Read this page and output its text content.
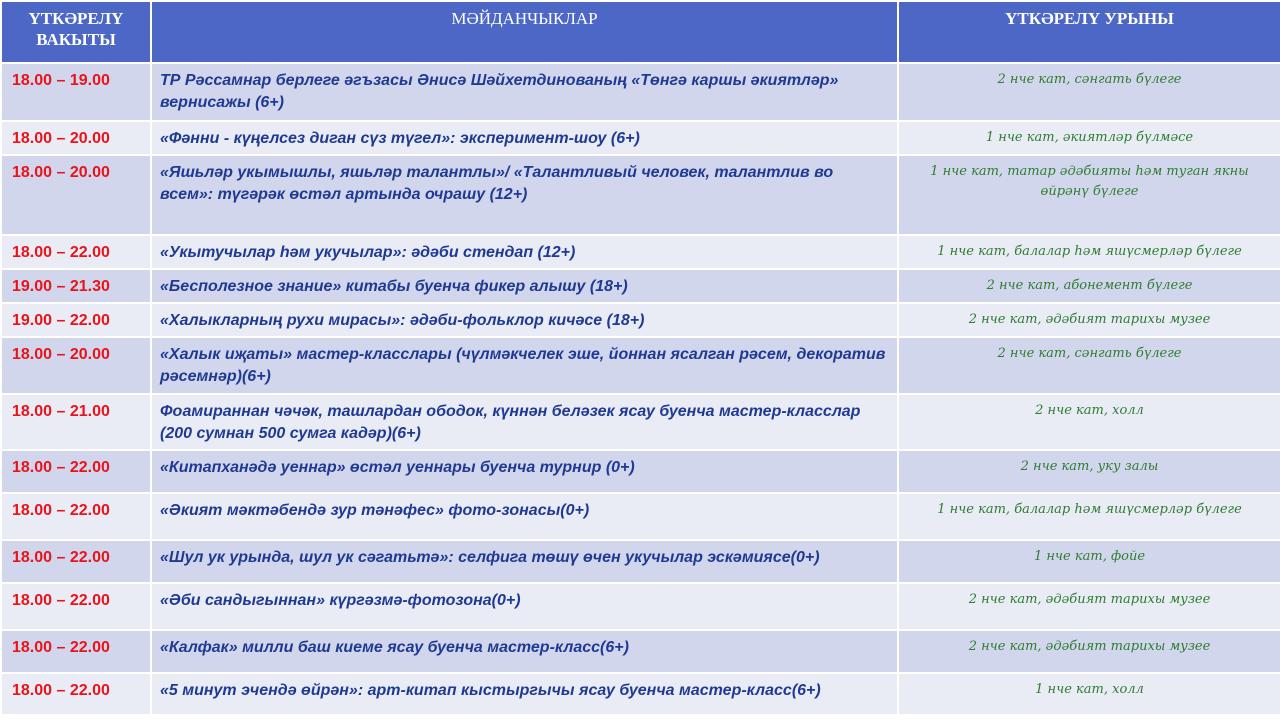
ҮТКӘРЕЛҮ ВАКЫТЫ	МӘЙДАНЧЫКЛАР	ҮТКӘРЕЛҮ УРЫНЫ
18.00 – 19.00	ТР Рәссамнар берлеге әгъзасы Әнисә Шәйхетдинованың «Төнгә каршы әкиятләр» вернисажы (6+)	2 нче кат, сәнгать бүлеге
18.00 – 20.00	«Фәнни - күңелсез диган сүз түгел»: эксперимент-шоу (6+)	1 нче кат, әкиятләр бүлмәсе
18.00 – 20.00	«Яшьләр укымышлы, яшьләр талантлы»/ «Талантливый человек, талантлив во всем»: түгәрәк өстәл артында очрашу (12+)	1 нче кат, татар әдәбияты һәм туган якны өйрәнү бүлеге
18.00 – 22.00	«Укытучылар һәм укучылар»: әдәби стендап (12+)	1 нче кат, балалар һәм яшүсмерләр бүлеге
19.00 – 21.30	«Бесполезное знание» китабы буенча фикер алышу (18+)	2 нче кат, абонемент бүлеге
19.00 – 22.00	«Халыкларның рухи мирасы»: әдәби-фольклор кичәсе (18+)	2 нче кат, әдәбият тарихы музее
18.00 – 20.00	«Халык иҗаты» мастер-класслары (чүлмәкчелек эше, йоннан ясалган рәсем, декоратив рәсемнәр)(6+)	2 нче кат, сәнгать бүлеге
18.00 – 21.00	Фоамираннан чәчәк, ташлардан ободок, күннән беләзек ясау буенча мастер-класслар (200 сумнан 500 сумга кадәр)(6+)	2 нче кат, холл
18.00 – 22.00	«Китапханәдә уеннар» өстәл уеннары буенча турнир (0+)	2 нче кат, уку залы
18.00 – 22.00	«Әкият мәктәбендә зур тәнәфес» фото-зонасы(0+)	1 нче кат, балалар һәм яшүсмерләр бүлеге
18.00 – 22.00	«Шул ук урында, шул ук сәгатьтә»: селфига төшү өчен укучылар эскәмиясе(0+)	1 нче кат, фойе
18.00 – 22.00	«Әби сандыгыннан» күргәзмә-фотозона(0+)	2 нче кат, әдәбият тарихы музее
18.00 – 22.00	«Калфак» милли баш киеме ясау буенча мастер-класс(6+)	2 нче кат, әдәбият тарихы музее
18.00 – 22.00	«5 минут эчендә өйрән»: арт-китап кыстыргычы ясау буенча мастер-класс(6+)	1 нче кат, холл
